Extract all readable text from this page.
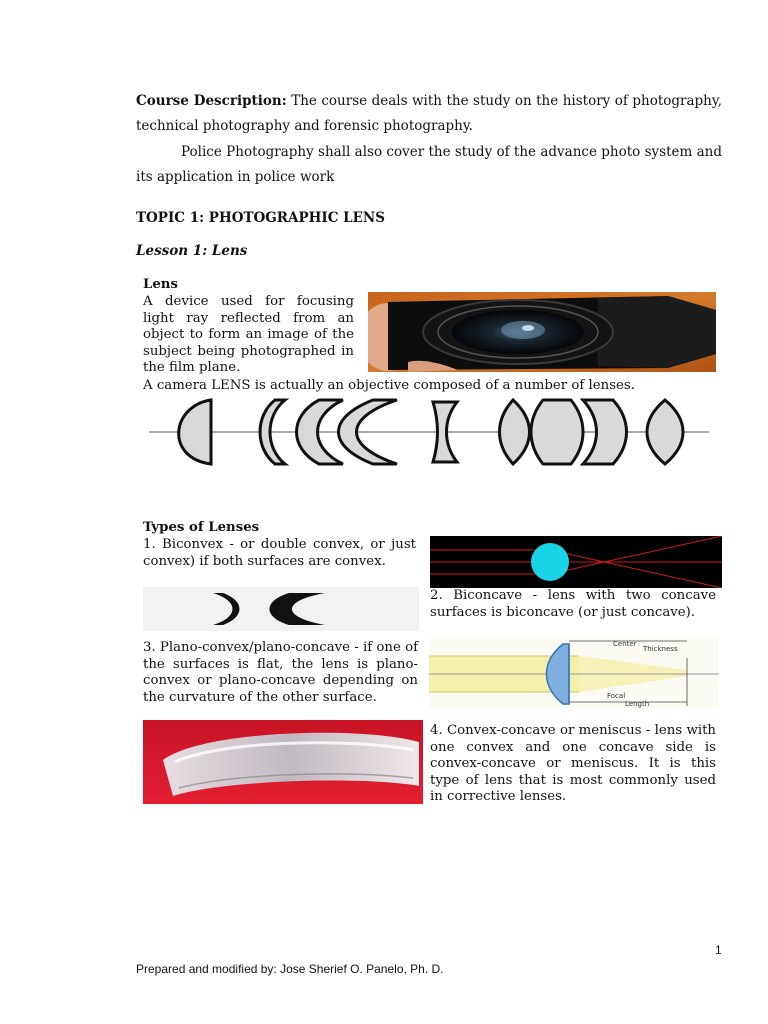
Course Description: The course deals with the study on the history of photography, technical photography and forensic photography.
Police Photography shall also cover the study of the advance photo system and its application in police work
TOPIC 1: PHOTOGRAPHIC LENS
Lesson 1: Lens
Lens
A device used for focusing light ray reflected from an object to form an image of the subject being photographed in the film plane.
A camera LENS is actually an objective composed of a number of lenses.
Types of Lenses
1. Biconvex - or double convex, or just convex) if both surfaces are convex.
2. Biconcave - lens with two concave surfaces is biconcave (or just concave).
3. Plano-convex/plano-concave - if one of the surfaces is flat, the lens is plano-convex or plano-concave depending on the curvature of the other surface.
Center
Thickness
Focal
Length
4. Convex-concave or meniscus - lens with one convex and one concave side is convex-concave or meniscus. It is this type of lens that is most commonly used in corrective lenses.
1
Prepared and modified by: Jose Sherief O. Panelo, Ph. D.
